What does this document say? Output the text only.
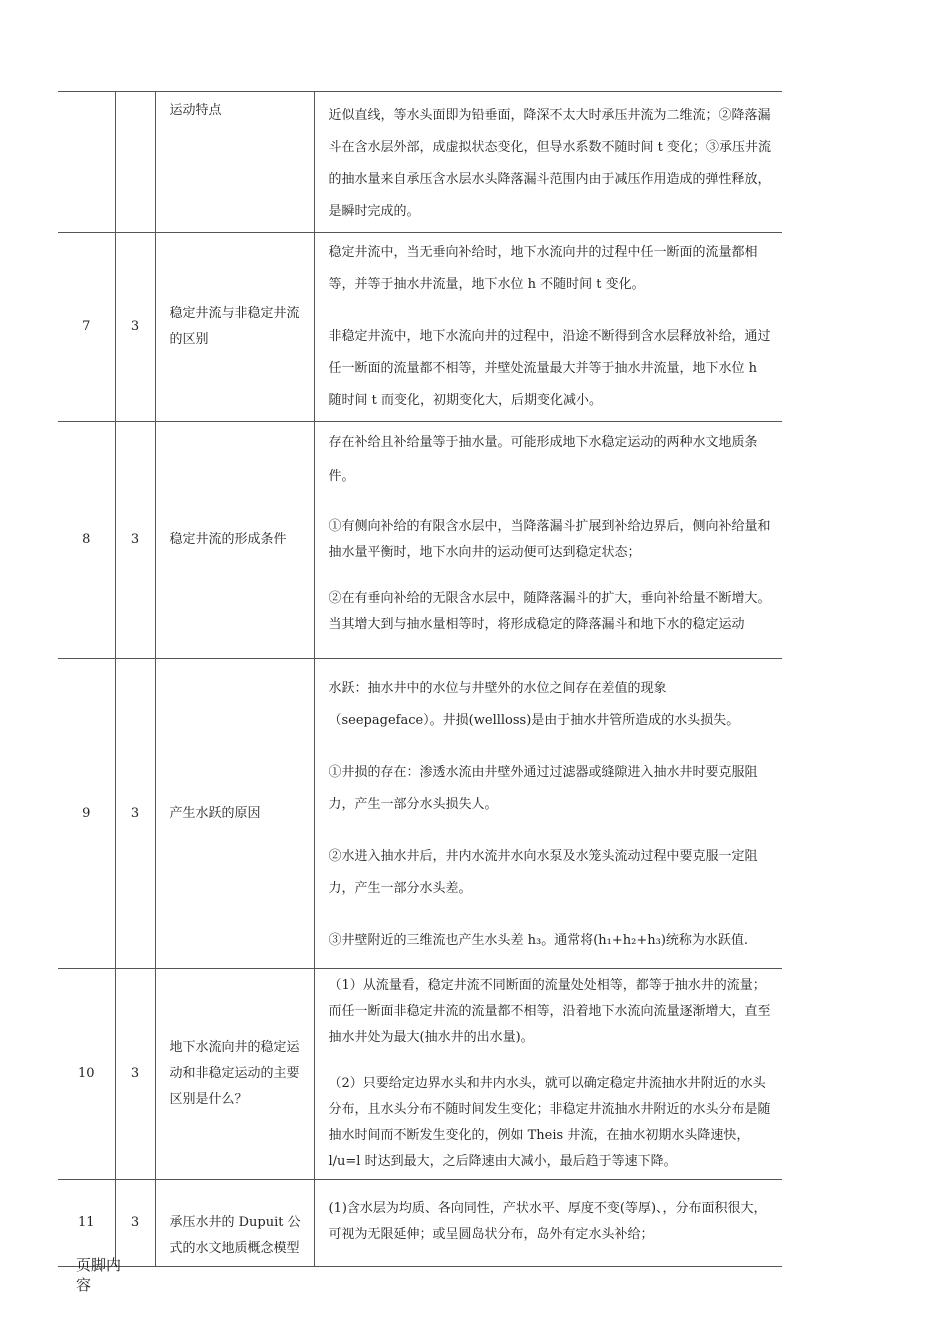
		运动特点	近似直线，等水头面即为铅垂面，降深不太大时承压井流为二维流；②降落漏斗在含水层外部，成虚拟状态变化，但导水系数不随时间 t 变化；③承压井流的抽水量来自承压含水层水头降落漏斗范围内由于减压作用造成的弹性释放，是瞬时完成的。

7	3	稳定井流与非稳定井流的区别	稳定井流中，当无垂向补给时，地下水流向井的过程中任一断面的流量都相等，并等于抽水井流量，地下水位 h 不随时间 t 变化。

非稳定井流中，地下水流向井的过程中，沿途不断得到含水层释放补给，通过任一断面的流量都不相等，并壁处流量最大并等于抽水井流量，地下水位 h 随时间 t 而变化，初期变化大，后期变化减小。

8	3	稳定井流的形成条件	存在补给且补给量等于抽水量。可能形成地下水稳定运动的两种水文地质条件。

①有侧向补给的有限含水层中，当降落漏斗扩展到补给边界后，侧向补给量和抽水量平衡时，地下水向井的运动便可达到稳定状态；

②在有垂向补给的无限含水层中，随降落漏斗的扩大，垂向补给量不断增大。当其增大到与抽水量相等时，将形成稳定的降落漏斗和地下水的稳定运动

9	3	产生水跃的原因	水跃：抽水井中的水位与井壁外的水位之间存在差值的现象（seepageface）。井损(wellloss)是由于抽水井管所造成的水头损失。

①井损的存在：渗透水流由井壁外通过过滤器或缝隙进入抽水井时要克服阻力，产生一部分水头损失人。

②水进入抽水井后，井内水流井水向水泵及水笼头流动过程中要克服一定阻力，产生一部分水头差。

③井壁附近的三维流也产生水头差 h₃。通常将(h₁+h₂+h₃)统称为水跃值.

10	3	地下水流向井的稳定运动和非稳定运动的主要区别是什么？	（1）从流量看，稳定井流不同断面的流量处处相等，都等于抽水井的流量；而任一断面非稳定井流的流量都不相等，沿着地下水流向流量逐渐增大，直至抽水井处为最大(抽水井的出水量)。

（2）只要给定边界水头和井内水头，就可以确定稳定井流抽水井附近的水头分布，且水头分布不随时间发生变化；非稳定井流抽水井附近的水头分布是随抽水时间而不断发生变化的，例如 Theis 井流，在抽水初期水头降速快，l/u=l 时达到最大，之后降速由大减小，最后趋于等速下降。

11	3	承压水井的 Dupuit 公式的水文地质概念模型	(1)含水层为均质、各向同性，产状水平、厚度不变(等厚)、，分布面积很大，可视为无限延伸；或呈圆岛状分布，岛外有定水头补给；

页脚内容
